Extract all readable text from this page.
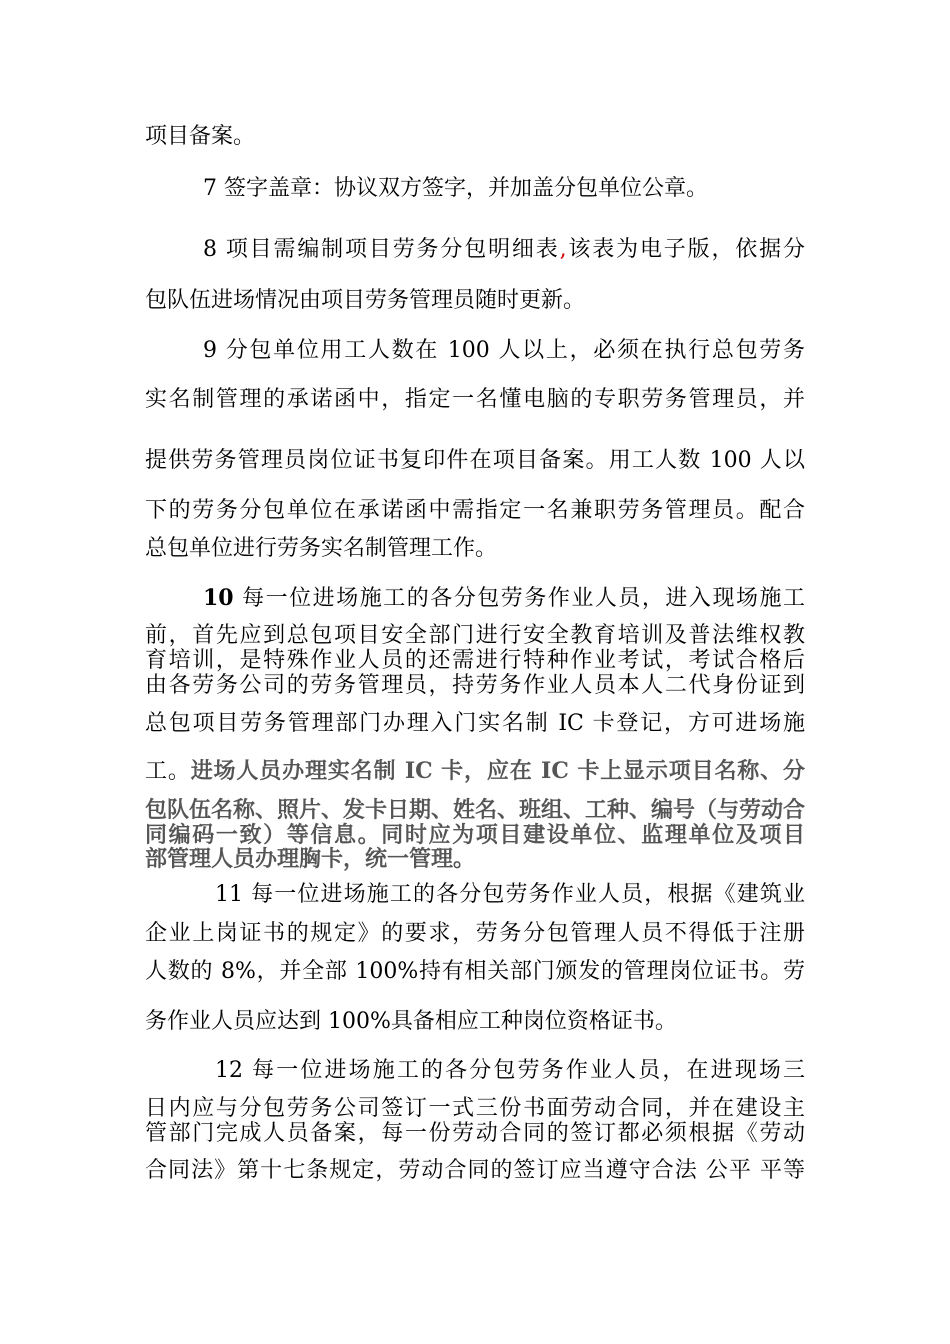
项目备案。
7 签字盖章：协议双方签字，并加盖分包单位公章。
8 项目需编制项目劳务分包明细表,该表为电子版，依据分
包队伍进场情况由项目劳务管理员随时更新。
9 分包单位用工人数在 100 人以上，必须在执行总包劳务
实名制管理的承诺函中，指定一名懂电脑的专职劳务管理员，并
提供劳务管理员岗位证书复印件在项目备案。用工人数 100 人以
下的劳务分包单位在承诺函中需指定一名兼职劳务管理员。配合
总包单位进行劳务实名制管理工作。
10 每一位进场施工的各分包劳务作业人员，进入现场施工
前，首先应到总包项目安全部门进行安全教育培训及普法维权教
育培训，是特殊作业人员的还需进行特种作业考试，考试合格后
由各劳务公司的劳务管理员，持劳务作业人员本人二代身份证到
总包项目劳务管理部门办理入门实名制 IC 卡登记，方可进场施
工。进场人员办理实名制 IC 卡，应在 IC 卡上显示项目名称、分
包队伍名称、照片、发卡日期、姓名、班组、工种、编号（与劳动合
同编码一致）等信息。同时应为项目建设单位、监理单位及项目
部管理人员办理胸卡，统一管理。
11 每一位进场施工的各分包劳务作业人员，根据《建筑业
企业上岗证书的规定》的要求，劳务分包管理人员不得低于注册
人数的 8%，并全部 100%持有相关部门颁发的管理岗位证书。劳
务作业人员应达到 100%具备相应工种岗位资格证书。
12 每一位进场施工的各分包劳务作业人员，在进现场三
日内应与分包劳务公司签订一式三份书面劳动合同，并在建设主
管部门完成人员备案，每一份劳动合同的签订都必须根据《劳动
合同法》第十七条规定，劳动合同的签订应当遵守合法 公平 平等
